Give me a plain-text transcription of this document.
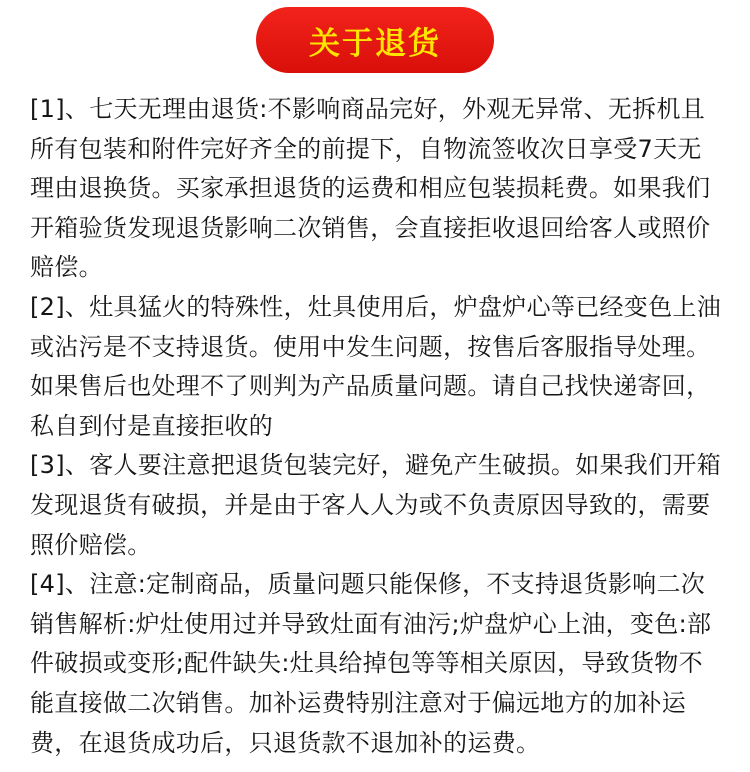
关于退货

[1]、七天无理由退货:不影响商品完好，外观无异常、无拆机且所有包装和附件完好齐全的前提下，自物流签收次日享受7天无理由退换货。买家承担退货的运费和相应包装损耗费。如果我们开箱验货发现退货影响二次销售，会直接拒收退回给客人或照价赔偿。

[2]、灶具猛火的特殊性，灶具使用后，炉盘炉心等已经变色上油或沾污是不支持退货。使用中发生问题，按售后客服指导处理。如果售后也处理不了则判为产品质量问题。请自己找快递寄回，私自到付是直接拒收的

[3]、客人要注意把退货包装完好，避免产生破损。如果我们开箱发现退货有破损，并是由于客人人为或不负责原因导致的，需要照价赔偿。

[4]、注意:定制商品，质量问题只能保修，不支持退货影响二次销售解析:炉灶使用过并导致灶面有油污;炉盘炉心上油，变色:部件破损或变形;配件缺失:灶具给掉包等等相关原因，导致货物不能直接做二次销售。加补运费特别注意对于偏远地方的加补运费，在退货成功后，只退货款不退加补的运费。
